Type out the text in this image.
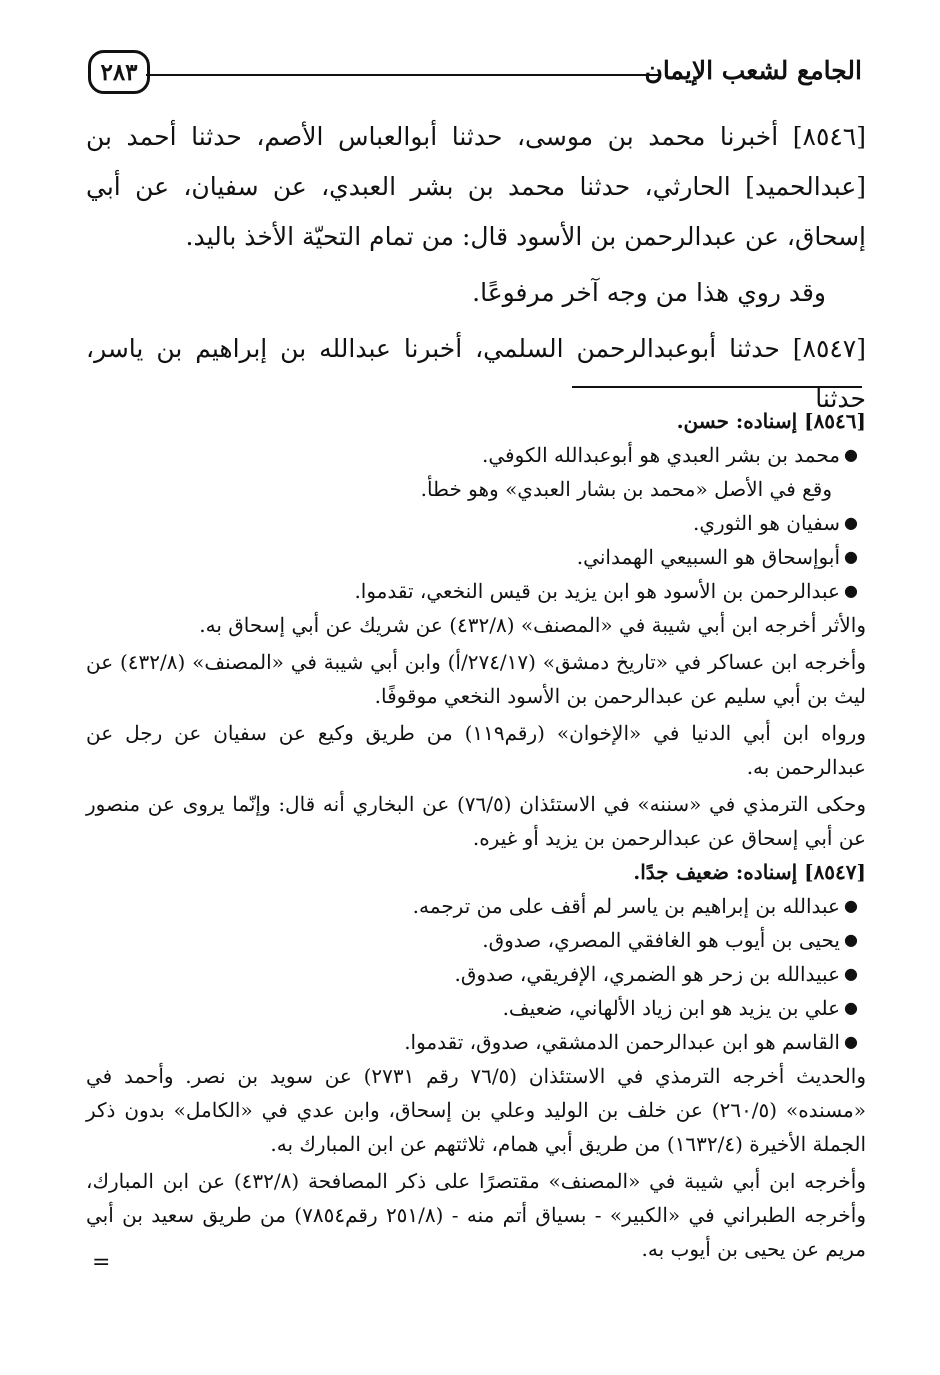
الجامع لشعب الإيمان
٢٨٣

[٨٥٤٦] أخبرنا محمد بن موسى، حدثنا أبوالعباس الأصم، حدثنا أحمد بن [عبدالحميد] الحارثي، حدثنا محمد بن بشر العبدي، عن سفيان، عن أبي إسحاق، عن عبدالرحمن بن الأسود قال: من تمام التحيّة الأخذ باليد.

وقد روي هذا من وجه آخر مرفوعًا.

[٨٥٤٧] حدثنا أبوعبدالرحمن السلمي، أخبرنا عبدالله بن إبراهيم بن ياسر، حدثنا

[٨٥٤٦] إسناده: حسن.

●
محمد بن بشر العبدي هو أبوعبدالله الكوفي.
وقع في الأصل «محمد بن بشار العبدي» وهو خطأ.
●
سفيان هو الثوري.
●
أبوإسحاق هو السبيعي الهمداني.
●
عبدالرحمن بن الأسود هو ابن يزيد بن قيس النخعي، تقدموا.

والأثر أخرجه ابن أبي شيبة في «المصنف» (٤٣٢/٨) عن شريك عن أبي إسحاق به.

وأخرجه ابن عساكر في «تاريخ دمشق» (٢٧٤/١٧/أ) وابن أبي شيبة في «المصنف» (٤٣٢/٨) عن ليث بن أبي سليم عن عبدالرحمن بن الأسود النخعي موقوفًا.

ورواه ابن أبي الدنيا في «الإخوان» (رقم١١٩) من طريق وكيع عن سفيان عن رجل عن عبدالرحمن به.

وحكى الترمذي في «سننه» في الاستئذان (٧٦/٥) عن البخاري أنه قال: وإنّما يروى عن منصور عن أبي إسحاق عن عبدالرحمن بن يزيد أو غيره.

[٨٥٤٧] إسناده: ضعيف جدًا.

●
عبدالله بن إبراهيم بن ياسر لم أقف على من ترجمه.
●
يحيى بن أيوب هو الغافقي المصري، صدوق.
●
عبيدالله بن زحر هو الضمري، الإفريقي، صدوق.
●
علي بن يزيد هو ابن زياد الألهاني، ضعيف.
●
القاسم هو ابن عبدالرحمن الدمشقي، صدوق، تقدموا.

والحديث أخرجه الترمذي في الاستئذان (٧٦/٥ رقم ٢٧٣١) عن سويد بن نصر. وأحمد في «مسنده» (٢٦٠/٥) عن خلف بن الوليد وعلي بن إسحاق، وابن عدي في «الكامل» بدون ذكر الجملة الأخيرة (١٦٣٢/٤) من طريق أبي همام، ثلاثتهم عن ابن المبارك به.

وأخرجه ابن أبي شيبة في «المصنف» مقتصرًا على ذكر المصافحة (٤٣٢/٨) عن ابن المبارك، وأخرجه الطبراني في «الكبير» - بسياق أتم منه - (٢٥١/٨ رقم٧٨٥٤) من طريق سعيد بن أبي مريم عن يحيى بن أيوب به.

=
